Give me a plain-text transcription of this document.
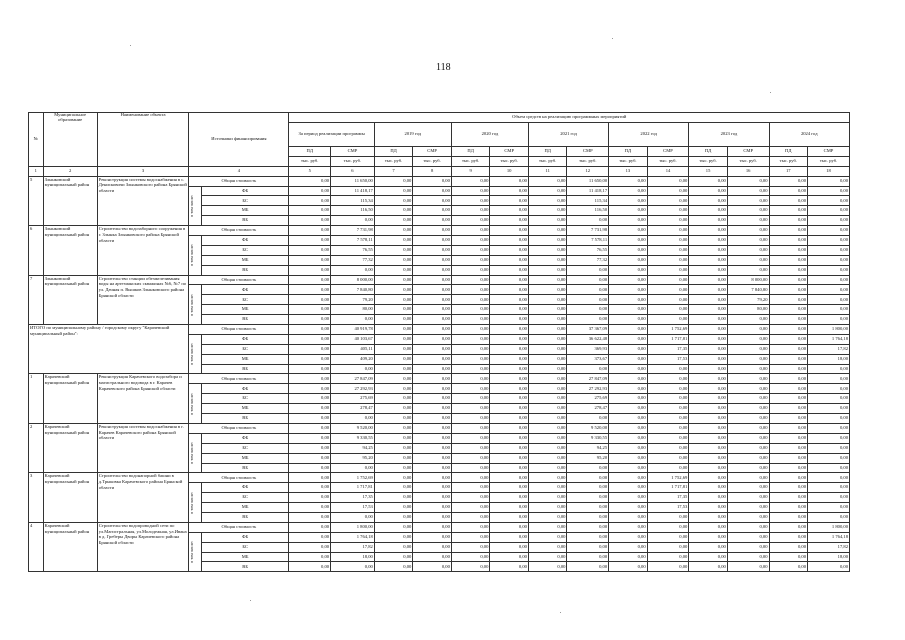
118
№	Муниципальное образование	Наименование объекта	Источники финансирования		Объем средств на реализацию программных мероприятий													
					За период реализации программы		2019 год		2020 год		2021 год		2022 год		2023 год		2024 год	
					ПД	СМР	ПД	СМР	ПД	СМР	ПД	СМР	ПД	СМР	ПД	СМР	ПД	СМР
					тыс. руб.	тыс. руб.	тыс. руб.	тыс. руб.	тыс. руб.	тыс. руб.	тыс. руб.	тыс. руб.	тыс. руб.	тыс. руб.	тыс. руб.	тыс. руб.	тыс. руб.	тыс. руб.
1	2	3	4		5	6	7	8	9	10	11	12	13	14	15	16	17	18
5	Злынковский муниципальный район	Реконструкция системы водоснабжения в с. Денисковичи Злынковского района Брянской области	Общая стоимость		0,00	11 650,00	0,00	0,00	0,00	0,00	0,00	11 650,00	0,00	0,00	0,00	0,00	0,00	0,00

			в том числе:	ФБ	0,00	11 418,17	0,00	0,00	0,00	0,00	0,00	11 418,17	0,00	0,00	0,00	0,00	0,00	0,00
				БС	0,00	115,34	0,00	0,00	0,00	0,00	0,00	115,34	0,00	0,00	0,00	0,00	0,00	0,00
				МБ	0,00	116,50	0,00	0,00	0,00	0,00	0,00	116,50	0,00	0,00	0,00	0,00	0,00	0,00
				ВБ	0,00	0,00	0,00	0,00	0,00	0,00	0,00	0,00	0,00	0,00	0,00	0,00	0,00	0,00
6	Злынковский муниципальный район	Строительство водозаборного сооружения в г. Злынка Злынковского района Брянской области	Общая стоимость		0,00	7 731,98	0,00	0,00	0,00	0,00	0,00	7 731,98	0,00	0,00	0,00	0,00	0,00	0,00

			в том числе:	ФБ	0,00	7 578,11	0,00	0,00	0,00	0,00	0,00	7 578,11	0,00	0,00	0,00	0,00	0,00	0,00
				БС	0,00	76,55	0,00	0,00	0,00	0,00	0,00	76,55	0,00	0,00	0,00	0,00	0,00	0,00
				МБ	0,00	77,32	0,00	0,00	0,00	0,00	0,00	77,32	0,00	0,00	0,00	0,00	0,00	0,00
				ВБ	0,00	0,00	0,00	0,00	0,00	0,00	0,00	0,00	0,00	0,00	0,00	0,00	0,00	0,00
7	Злынковский муниципальный район	Строительство станции обезжелезивания воды на артезианских скважинах №6, №7 по ул. Дачная п. Вышков Злынковского района Брянской области	Общая стоимость		0,00	8 000,00	0,00	0,00	0,00	0,00	0,00	0,00	0,00	0,00	0,00	8 000,00	0,00	0,00

			в том числе:	ФБ	0,00	7 840,80	0,00	0,00	0,00	0,00	0,00	0,00	0,00	0,00	0,00	7 840,80	0,00	0,00
				БС	0,00	79,20	0,00	0,00	0,00	0,00	0,00	0,00	0,00	0,00	0,00	79,20	0,00	0,00
				МБ	0,00	80,00	0,00	0,00	0,00	0,00	0,00	0,00	0,00	0,00	0,00	80,00	0,00	0,00
				ВБ	0,00	0,00	0,00	0,00	0,00	0,00	0,00	0,00	0,00	0,00	0,00	0,00	0,00	0,00
ИТОГО по муниципальному району / городскому округу "Карачевский муниципальный район":			Общая стоимость		0,00	40 919,78	0,00	0,00	0,00	0,00	0,00	37 367,09	0,00	1 752,69	0,00	0,00	0,00	1 800,00

			в том числе:	ФБ	0,00	40 103,67	0,00	0,00	0,00	0,00	0,00	36 622,48	0,00	1 717,81	0,00	0,00	0,00	1 764,18
				БС	0,00	405,11	0,00	0,00	0,00	0,00	0,00	369,93	0,00	17,35	0,00	0,00	0,00	17,82
				МБ	0,00	409,20	0,00	0,00	0,00	0,00	0,00	373,67	0,00	17,53	0,00	0,00	0,00	18,00
				ВБ	0,00	0,00	0,00	0,00	0,00	0,00	0,00	0,00	0,00	0,00	0,00	0,00	0,00	0,00
1	Карачевский муниципальный район	Реконструкция Карачевского водозабора и магистрального водовода в г. Карачев Карачевского района Брянской области	Общая стоимость		0,00	27 847,09	0,00	0,00	0,00	0,00	0,00	27 847,09	0,00	0,00	0,00	0,00	0,00	0,00

			в том числе:	ФБ	0,00	27 292,93	0,00	0,00	0,00	0,00	0,00	27 292,93	0,00	0,00	0,00	0,00	0,00	0,00
				БС	0,00	275,69	0,00	0,00	0,00	0,00	0,00	275,69	0,00	0,00	0,00	0,00	0,00	0,00
				МБ	0,00	278,47	0,00	0,00	0,00	0,00	0,00	278,47	0,00	0,00	0,00	0,00	0,00	0,00
				ВБ	0,00	0,00	0,00	0,00	0,00	0,00	0,00	0,00	0,00	0,00	0,00	0,00	0,00	0,00
2	Карачевский муниципальный район	Реконструкция системы водоснабжения в г. Карачев Карачевского района Брянской области	Общая стоимость		0,00	9 520,00	0,00	0,00	0,00	0,00	0,00	9 520,00	0,00	0,00	0,00	0,00	0,00	0,00

			в том числе:	ФБ	0,00	9 330,55	0,00	0,00	0,00	0,00	0,00	9 330,55	0,00	0,00	0,00	0,00	0,00	0,00
				БС	0,00	94,25	0,00	0,00	0,00	0,00	0,00	94,25	0,00	0,00	0,00	0,00	0,00	0,00
				МБ	0,00	95,20	0,00	0,00	0,00	0,00	0,00	95,20	0,00	0,00	0,00	0,00	0,00	0,00
				ВБ	0,00	0,00	0,00	0,00	0,00	0,00	0,00	0,00	0,00	0,00	0,00	0,00	0,00	0,00
3	Карачевский муниципальный район	Строительство водонапорной башни в д.Трыковка Карачевского района Брянской области	Общая стоимость		0,00	1 752,69	0,00	0,00	0,00	0,00	0,00	0,00	0,00	1 752,69	0,00	0,00	0,00	0,00

			в том числе:	ФБ	0,00	1 717,81	0,00	0,00	0,00	0,00	0,00	0,00	0,00	1 717,81	0,00	0,00	0,00	0,00
				БС	0,00	17,35	0,00	0,00	0,00	0,00	0,00	0,00	0,00	17,35	0,00	0,00	0,00	0,00
				МБ	0,00	17,53	0,00	0,00	0,00	0,00	0,00	0,00	0,00	17,53	0,00	0,00	0,00	0,00
				ВБ	0,00	0,00	0,00	0,00	0,00	0,00	0,00	0,00	0,00	0,00	0,00	0,00	0,00	0,00
4	Карачевский муниципальный район	Строительство водопроводной сети по ул.Магистральная, ул.Молодежная, ул.Ивана в д. Греберы Двоpы Карачевского района Брянской области	Общая стоимость		0,00	1 800,00	0,00	0,00	0,00	0,00	0,00	0,00	0,00	0,00	0,00	0,00	0,00	1 800,00

			в том числе:	ФБ	0,00	1 764,18	0,00	0,00	0,00	0,00	0,00	0,00	0,00	0,00	0,00	0,00	0,00	1 764,18
				БС	0,00	17,82	0,00	0,00	0,00	0,00	0,00	0,00	0,00	0,00	0,00	0,00	0,00	17,82
				МБ	0,00	18,00	0,00	0,00	0,00	0,00	0,00	0,00	0,00	0,00	0,00	0,00	0,00	18,00
				ВБ	0,00	0,00	0,00	0,00	0,00	0,00	0,00	0,00	0,00	0,00	0,00	0,00	0,00	0,00
